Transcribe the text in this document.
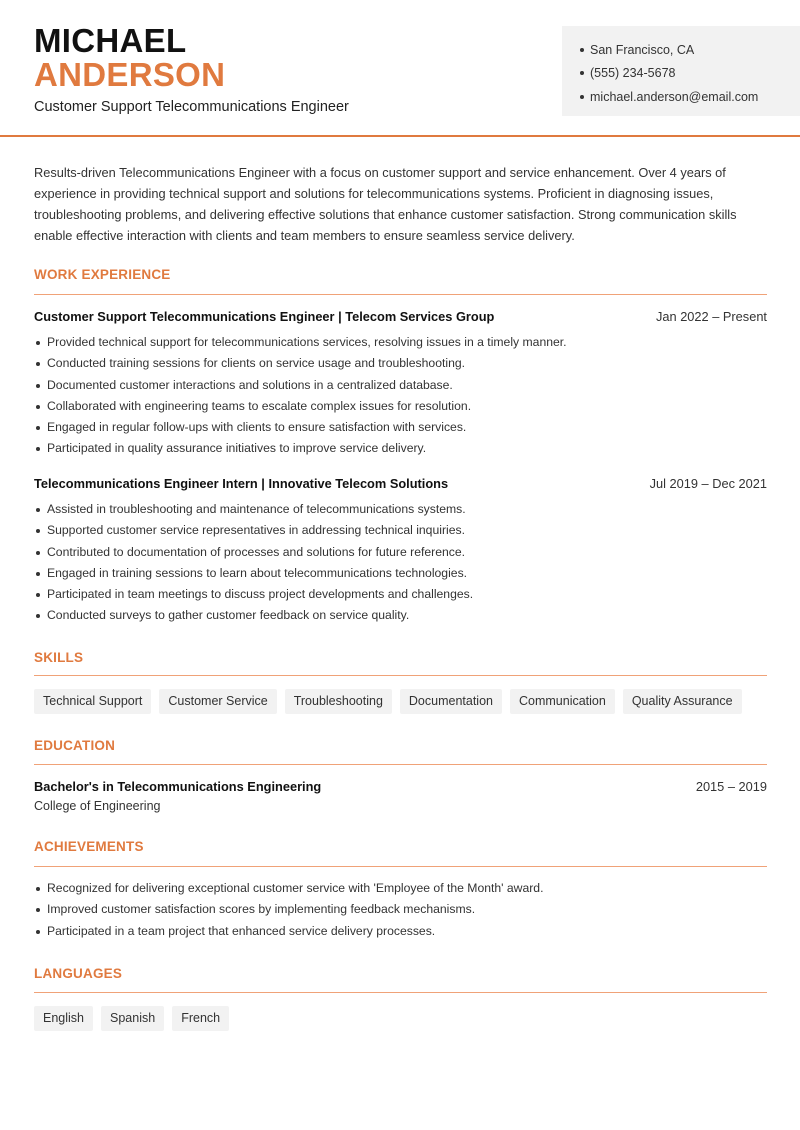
MICHAEL
ANDERSON
Customer Support Telecommunications Engineer
San Francisco, CA
(555) 234-5678
michael.anderson@email.com

Results-driven Telecommunications Engineer with a focus on customer support and service enhancement. Over 4 years of experience in providing technical support and solutions for telecommunications systems. Proficient in diagnosing issues, troubleshooting problems, and delivering effective solutions that enhance customer satisfaction. Strong communication skills enable effective interaction with clients and team members to ensure seamless service delivery.

WORK EXPERIENCE
Customer Support Telecommunications Engineer | Telecom Services Group	Jan 2022 – Present
Provided technical support for telecommunications services, resolving issues in a timely manner.
Conducted training sessions for clients on service usage and troubleshooting.
Documented customer interactions and solutions in a centralized database.
Collaborated with engineering teams to escalate complex issues for resolution.
Engaged in regular follow-ups with clients to ensure satisfaction with services.
Participated in quality assurance initiatives to improve service delivery.
Telecommunications Engineer Intern | Innovative Telecom Solutions	Jul 2019 – Dec 2021
Assisted in troubleshooting and maintenance of telecommunications systems.
Supported customer service representatives in addressing technical inquiries.
Contributed to documentation of processes and solutions for future reference.
Engaged in training sessions to learn about telecommunications technologies.
Participated in team meetings to discuss project developments and challenges.
Conducted surveys to gather customer feedback on service quality.
SKILLS
Technical Support	Customer Service	Troubleshooting	Documentation	Communication	Quality Assurance
EDUCATION
Bachelor's in Telecommunications Engineering	2015 – 2019
College of Engineering
ACHIEVEMENTS
Recognized for delivering exceptional customer service with 'Employee of the Month' award.
Improved customer satisfaction scores by implementing feedback mechanisms.
Participated in a team project that enhanced service delivery processes.
LANGUAGES
English	Spanish	French
